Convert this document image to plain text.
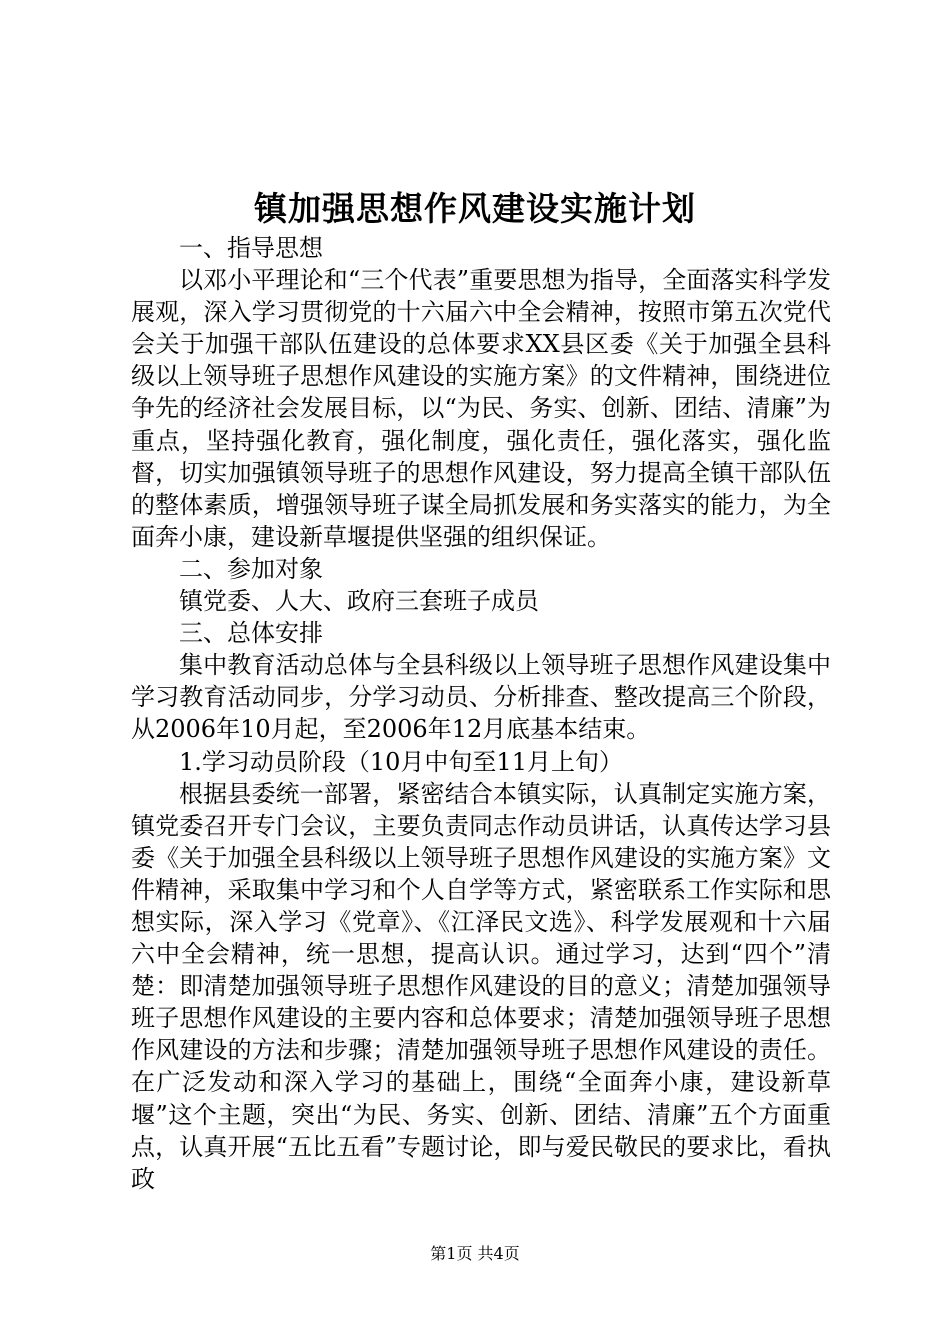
镇加强思想作风建设实施计划

一、指导思想

以邓小平理论和“三个代表”重要思想为指导，全面落实科学发展观，深入学习贯彻党的十六届六中全会精神，按照市第五次党代会关于加强干部队伍建设的总体要求XX县区委《关于加强全县科级以上领导班子思想作风建设的实施方案》的文件精神，围绕进位争先的经济社会发展目标，以“为民、务实、创新、团结、清廉”为重点，坚持强化教育，强化制度，强化责任，强化落实，强化监督，切实加强镇领导班子的思想作风建设，努力提高全镇干部队伍的整体素质，增强领导班子谋全局抓发展和务实落实的能力，为全面奔小康，建设新草堰提供坚强的组织保证。

二、参加对象

镇党委、人大、政府三套班子成员

三、总体安排

集中教育活动总体与全县科级以上领导班子思想作风建设集中学习教育活动同步，分学习动员、分析排查、整改提高三个阶段，从2006年10月起，至2006年12月底基本结束。

1.学习动员阶段（10月中旬至11月上旬）

根据县委统一部署，紧密结合本镇实际，认真制定实施方案，镇党委召开专门会议，主要负责同志作动员讲话，认真传达学习县委《关于加强全县科级以上领导班子思想作风建设的实施方案》文件精神，采取集中学习和个人自学等方式，紧密联系工作实际和思想实际，深入学习《党章》、《江泽民文选》、科学发展观和十六届六中全会精神，统一思想，提高认识。通过学习，达到“四个”清楚：即清楚加强领导班子思想作风建设的目的意义；清楚加强领导班子思想作风建设的主要内容和总体要求；清楚加强领导班子思想作风建设的方法和步骤；清楚加强领导班子思想作风建设的责任。在广泛发动和深入学习的基础上，围绕“全面奔小康，建设新草堰”这个主题，突出“为民、务实、创新、团结、清廉”五个方面重点，认真开展“五比五看”专题讨论，即与爱民敬民的要求比，看执政

第1页 共4页
